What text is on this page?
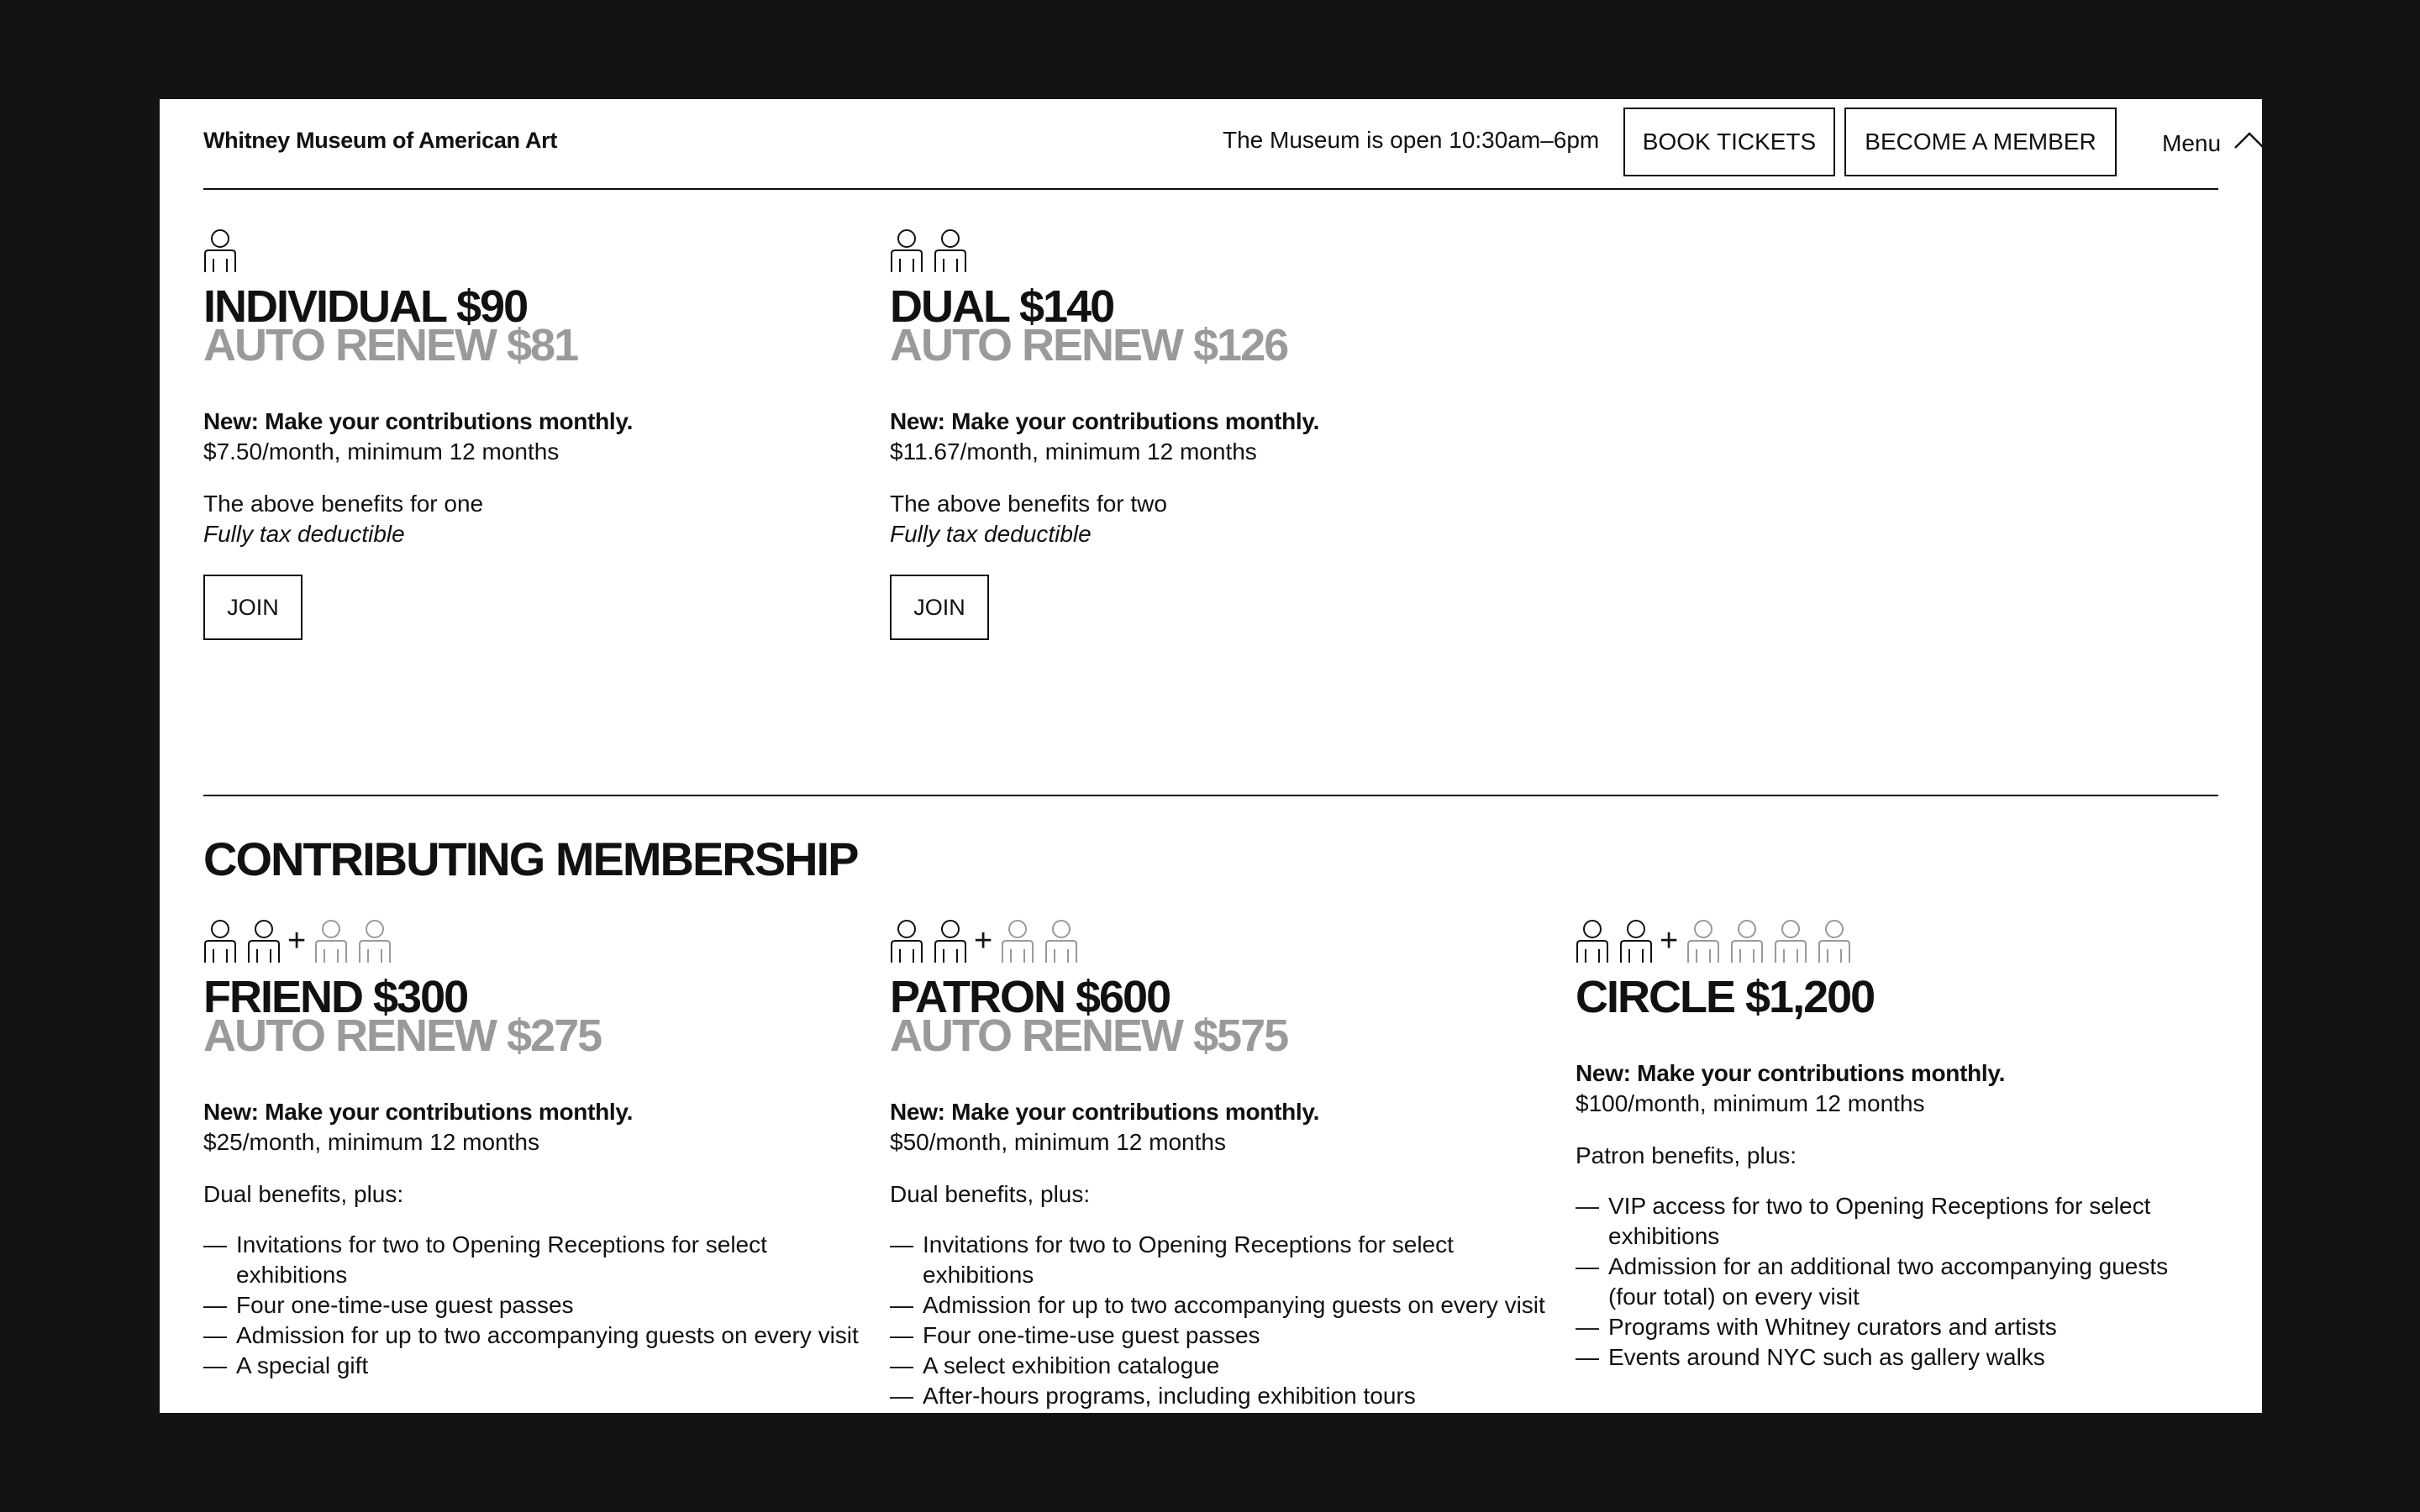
Whitney Museum of American Art	The Museum is open 10:30am–6pm	BOOK TICKETS	BECOME A MEMBER	Menu
INDIVIDUAL $90
AUTO RENEW $81
New: Make your contributions monthly.
$7.50/month, minimum 12 months
The above benefits for one
Fully tax deductible
JOIN
DUAL $140
AUTO RENEW $126
New: Make your contributions monthly.
$11.67/month, minimum 12 months
The above benefits for two
Fully tax deductible
JOIN
CONTRIBUTING MEMBERSHIP
+
FRIEND $300
AUTO RENEW $275
New: Make your contributions monthly.
$25/month, minimum 12 months
Dual benefits, plus:
— Invitations for two to Opening Receptions for select exhibitions
— Four one-time-use guest passes
— Admission for up to two accompanying guests on every visit
— A special gift
+
PATRON $600
AUTO RENEW $575
New: Make your contributions monthly.
$50/month, minimum 12 months
Dual benefits, plus:
— Invitations for two to Opening Receptions for select exhibitions
— Admission for up to two accompanying guests on every visit
— Four one-time-use guest passes
— A select exhibition catalogue
— After-hours programs, including exhibition tours
+
CIRCLE $1,200
New: Make your contributions monthly.
$100/month, minimum 12 months
Patron benefits, plus:
— VIP access for two to Opening Receptions for select exhibitions
— Admission for an additional two accompanying guests (four total) on every visit
— Programs with Whitney curators and artists
— Events around NYC such as gallery walks
